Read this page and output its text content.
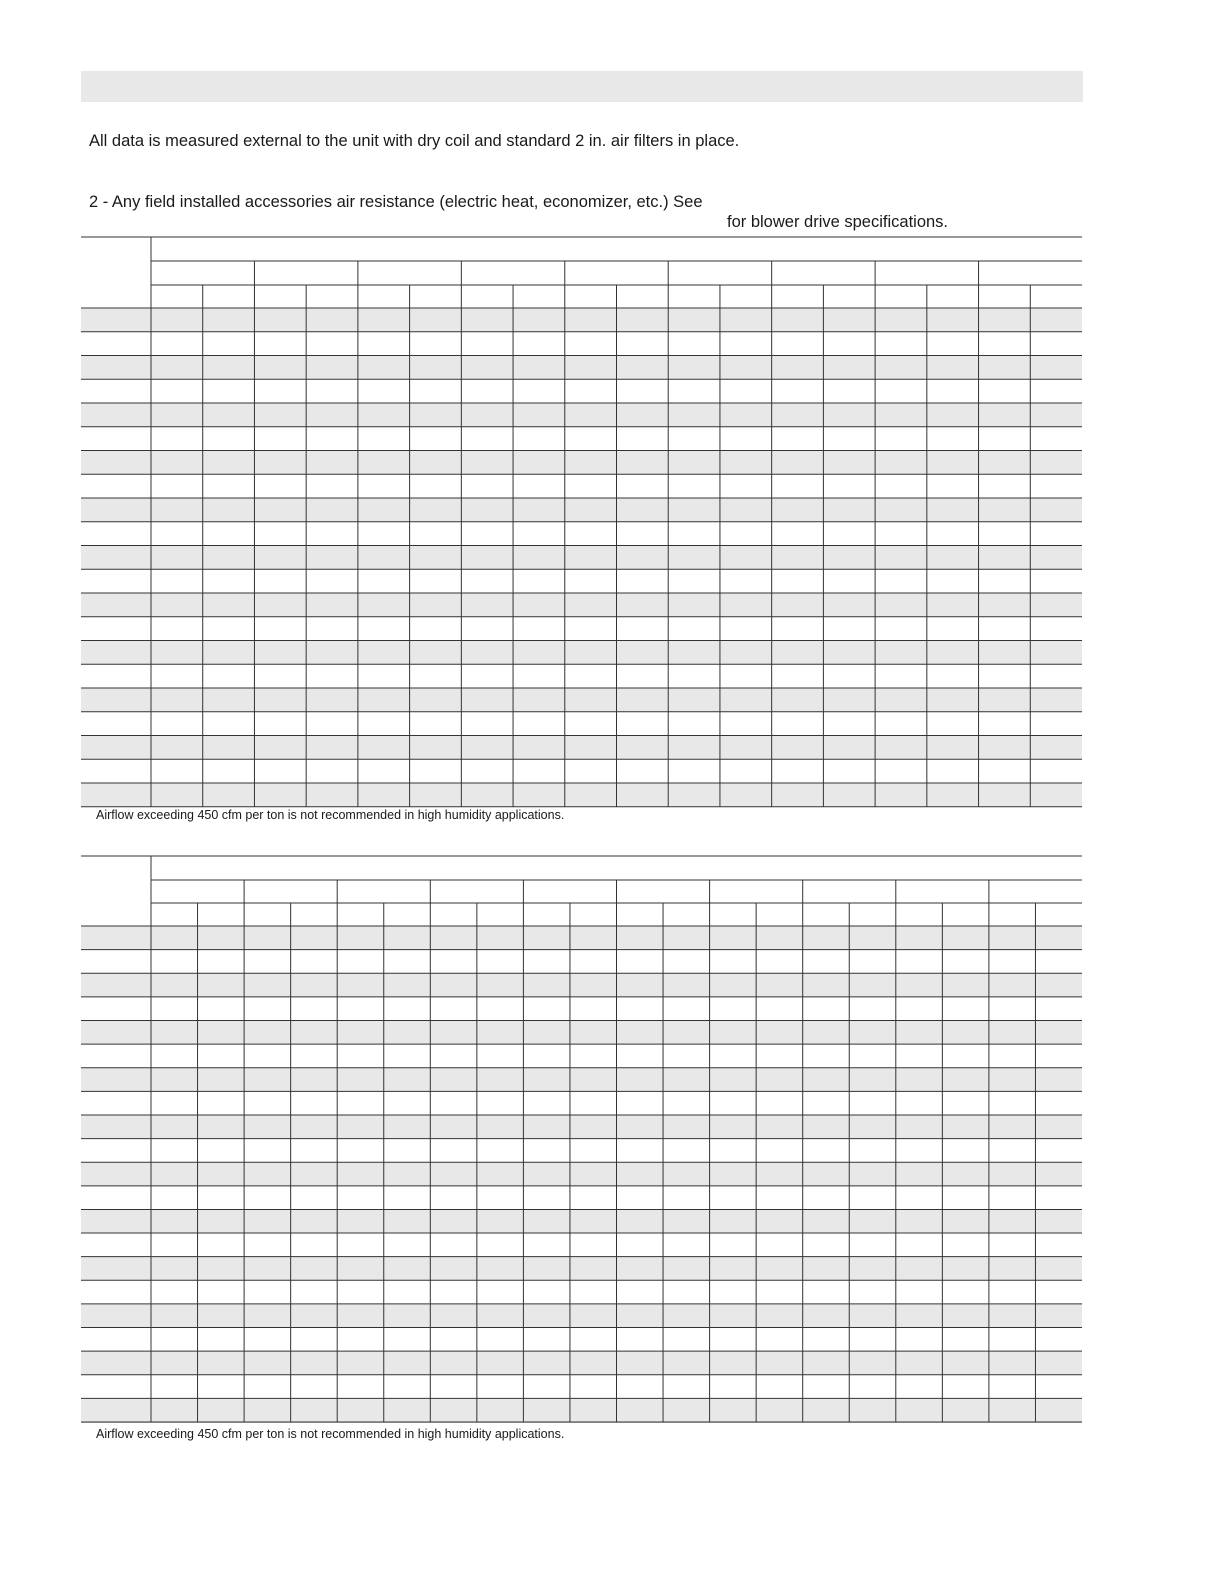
All data is measured external to the unit with dry coil and standard 2 in. air filters in place.
2 - Any field installed accessories air resistance (electric heat, economizer, etc.) See
for blower drive specifications.
Airflow exceeding 450 cfm per ton is not recommended in high humidity applications.
Airflow exceeding 450 cfm per ton is not recommended in high humidity applications.
